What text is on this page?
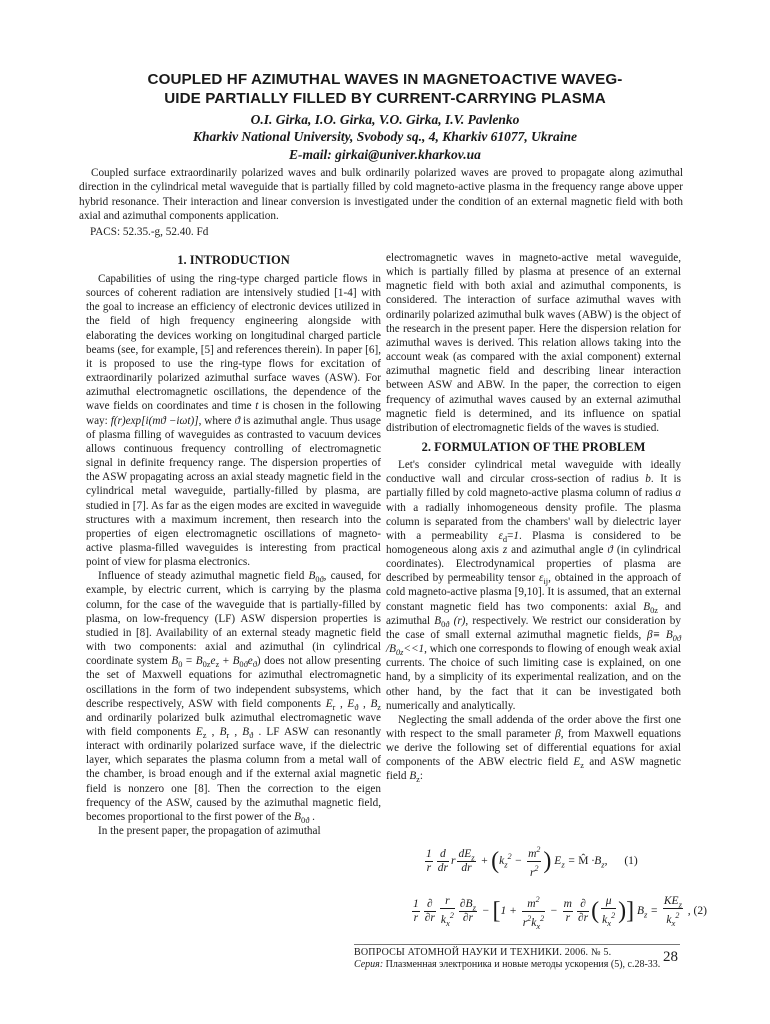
COUPLED HF AZIMUTHAL WAVES IN MAGNETOACTIVE WAVEG-
UIDE PARTIALLY FILLED BY CURRENT-CARRYING PLASMA
O.I. Girka, I.O. Girka, V.O. Girka, I.V. Pavlenko
Kharkiv National University, Svobody sq., 4, Kharkiv 61077, Ukraine
E-mail: girkai@univer.kharkov.ua

Coupled surface extraordinarily polarized waves and bulk ordinarily polarized waves are proved to propagate along azimuthal direction in the cylindrical metal waveguide that is partially filled by cold magneto-active plasma in the frequency range above upper hybrid resonance. Their interaction and linear conversion is investigated under the condition of an external magnetic field with both axial and azimuthal components application.

PACS: 52.35.-g, 52.40. Fd

1. INTRODUCTION

Capabilities of using the ring-type charged particle flows in sources of coherent radiation are intensively studied [1-4] with the goal to increase an efficiency of electronic devices utilized in the field of high frequency engineering alongside with elaborating the devices working on longitudinal charged particle beams (see, for example, [5] and references therein). In paper [6], it is proposed to use the ring-type flows for excitation of extraordinarily polarized azimuthal surface waves (ASW). For azimuthal electromagnetic oscillations, the dependence of the wave fields on coordinates and time t is chosen in the following way: f(r)exp[i(mϑ −iωt)], where ϑ is azimuthal angle. Thus usage of plasma filling of waveguides as contrasted to vacuum devices allows continuous frequency controlling of electromagnetic signal in definite frequency range. The dispersion properties of the ASW propagating across an axial steady magnetic field in the cylindrical metal waveguide, partially-filled by plasma, are studied in [7]. As far as the eigen modes are excited in waveguide structures with a maximum increment, then research into the properties of eigen electromagnetic oscillations of magneto-active plasma-filled waveguides is interesting from practical point of view for plasma electronics.

Influence of steady azimuthal magnetic field $B_{0ϑ}$, caused, for example, by electric current, which is carrying by the plasma column, for the case of the waveguide that is partially-filled by plasma, on low-frequency (LF) ASW dispersion properties is studied in [8]. Availability of an external steady magnetic field with two components: axial and azimuthal (in cylindrical coordinate system $B_0 = B_{0z}e_z + B_{0ϑ}e_ϑ$) does not allow presenting the set of Maxwell equations for azimuthal electromagnetic oscillations in the form of two independent subsystems, which describe respectively, ASW with field components $E_r$ , $E_ϑ$ , $B_z$ and ordinarily polarized bulk azimuthal electromagnetic wave with field components $E_z$ , $B_r$ , $B_ϑ$ . LF ASW can resonantly interact with ordinarily polarized surface wave, if the dielectric layer, which separates the plasma column from a metal wall of the chamber, is broad enough and if the external axial magnetic field is nonzero one [8]. Then the correction to the eigen frequency of the ASW, caused by the azimuthal magnetic field, becomes proportional to the first power of the $B_{0ϑ}$ .

In the present paper, the propagation of azimuthal

electromagnetic waves in magneto-active metal waveguide, which is partially filled by plasma at presence of an external magnetic field with both axial and azimuthal components, is considered. The interaction of surface azimuthal waves with ordinarily polarized azimuthal bulk waves (ABW) is the object of the research in the present paper. Here the dispersion relation for azimuthal waves is derived. This relation allows taking into the account weak (as compared with the axial component) external azimuthal magnetic field and describing linear interaction between ASW and ABW. In the paper, the correction to eigen frequency of azimuthal waves caused by an external azimuthal magnetic field is determined, and its influence on spatial distribution of electromagnetic fields of the waves is studied.

2. FORMULATION OF THE PROBLEM

Let's consider cylindrical metal waveguide with ideally conductive wall and circular cross-section of radius b. It is partially filled by cold magneto-active plasma column of radius a with a radially inhomogeneous density profile. The plasma column is separated from the chambers' wall by dielectric layer with a permeability $\varepsilon_d=1$. Plasma is considered to be homogeneous along axis z and azimuthal angle ϑ (in cylindrical coordinates). Electrodynamical properties of plasma are described by permeability tensor $\varepsilon_{ij}$, obtained in the approach of cold magneto-active plasma [9,10]. It is assumed, that an external constant magnetic field has two components: axial $B_{0z}$ and azimuthal $B_{0ϑ}$ (r), respectively. We restrict our consideration by the case of small external azimuthal magnetic fields, $\beta\equiv B_{0ϑ}$ $/B_{0z}<<1$, which one corresponds to flowing of enough weak axial currents. The choice of such limiting case is explained, on one hand, by a simplicity of its experimental realization, and on the other hand, by the fact that it can be investigated both numerically and analytically.

Neglecting the small addenda of the order above the first one with respect to the small parameter β, from Maxwell equations we derive the following set of differential equations for axial components of the ABW electric field $E_z$ and ASW magnetic field $B_z$:

$\frac{1}{r} \frac{d}{dr}$ r $\frac{dE_z}{dr} + (k_z^2 - \frac{m^2}{r^2}$ ) $E_z$ = M̂ $\cdot B_z$, (1)
$\frac{1}{r} \frac{\partial}{\partial r} \frac{r}{k_x^2} \frac{\partial B_z}{\partial r} - [1 + \frac{m^2}{r^2k_x^2} - \frac{m}{r} \frac{\partial}{\partial r}$ ( $\frac{\mu}{k_x^2}$ )] $B_z = \frac{KE_z}{k_x^2}$ , (2)
ВОПРОСЫ АТОМНОЙ НАУКИ И ТЕХНИКИ. 2006. № 5.
Серия: Плазменная электроника и новые методы ускорения (5), с.28-33. 28
